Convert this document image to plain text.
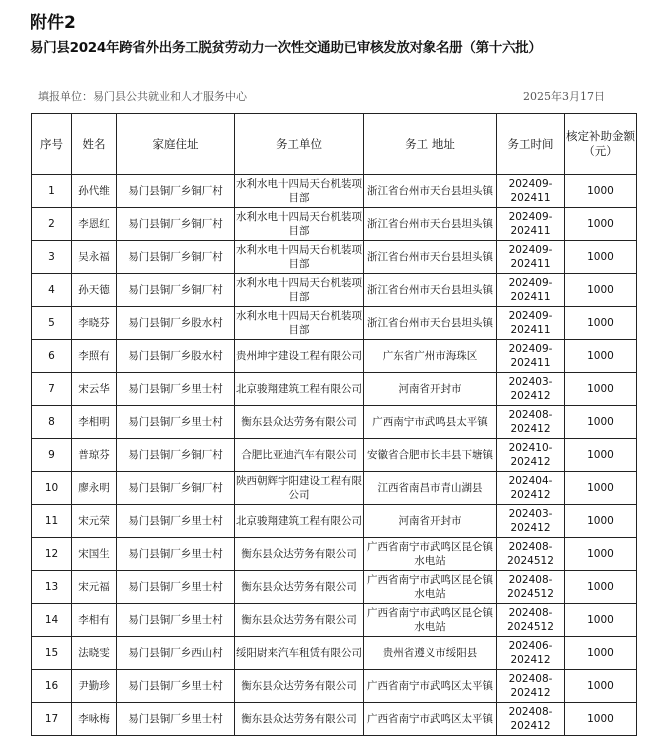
附件2
易门县2024年跨省外出务工脱贫劳动力一次性交通助已审核发放对象名册（第十六批）
填报单位：易门县公共就业和人才服务中心	2025年3月17日
序号	姓名	家庭住址	务工单位	务工 地址	务工时间	核定补助金额（元）
1	孙代维	易门县铜厂乡铜厂村	水利水电十四局天台机装项目部	浙江省台州市天台县坦头镇	202409-202411	1000
2	李恩红	易门县铜厂乡铜厂村	水利水电十四局天台机装项目部	浙江省台州市天台县坦头镇	202409-202411	1000
3	吴永福	易门县铜厂乡铜厂村	水利水电十四局天台机装项目部	浙江省台州市天台县坦头镇	202409-202411	1000
4	孙天德	易门县铜厂乡铜厂村	水利水电十四局天台机装项目部	浙江省台州市天台县坦头镇	202409-202411	1000
5	李晓芬	易门县铜厂乡股水村	水利水电十四局天台机装项目部	浙江省台州市天台县坦头镇	202409-202411	1000
6	李照有	易门县铜厂乡股水村	贵州坤宇建设工程有限公司	广东省广州市海珠区	202409-202411	1000
7	宋云华	易门县铜厂乡里士村	北京骏翔建筑工程有限公司	河南省开封市	202403-202412	1000
8	李相明	易门县铜厂乡里士村	衡东县众达劳务有限公司	广西南宁市武鸣县太平镇	202408-202412	1000
9	普琼芬	易门县铜厂乡铜厂村	合肥比亚迪汽车有限公司	安徽省合肥市长丰县下塘镇	202410-202412	1000
10	廖永明	易门县铜厂乡铜厂村	陕西朝辉宇阳建设工程有限公司	江西省南昌市青山湖县	202404-202412	1000
11	宋元荣	易门县铜厂乡里士村	北京骏翔建筑工程有限公司	河南省开封市	202403-202412	1000
12	宋国生	易门县铜厂乡里士村	衡东县众达劳务有限公司	广西省南宁市武鸣区昆仑镇水电站	202408-2024512	1000
13	宋元福	易门县铜厂乡里士村	衡东县众达劳务有限公司	广西省南宁市武鸣区昆仑镇水电站	202408-2024512	1000
14	李相有	易门县铜厂乡里士村	衡东县众达劳务有限公司	广西省南宁市武鸣区昆仑镇水电站	202408-2024512	1000
15	法晓雯	易门县铜厂乡西山村	绥阳尉来汽车租赁有限公司	贵州省遵义市绥阳县	202406-202412	1000
16	尹勤珍	易门县铜厂乡里士村	衡东县众达劳务有限公司	广西省南宁市武鸣区太平镇	202408-202412	1000
17	李咏梅	易门县铜厂乡里士村	衡东县众达劳务有限公司	广西省南宁市武鸣区太平镇	202408-202412	1000
